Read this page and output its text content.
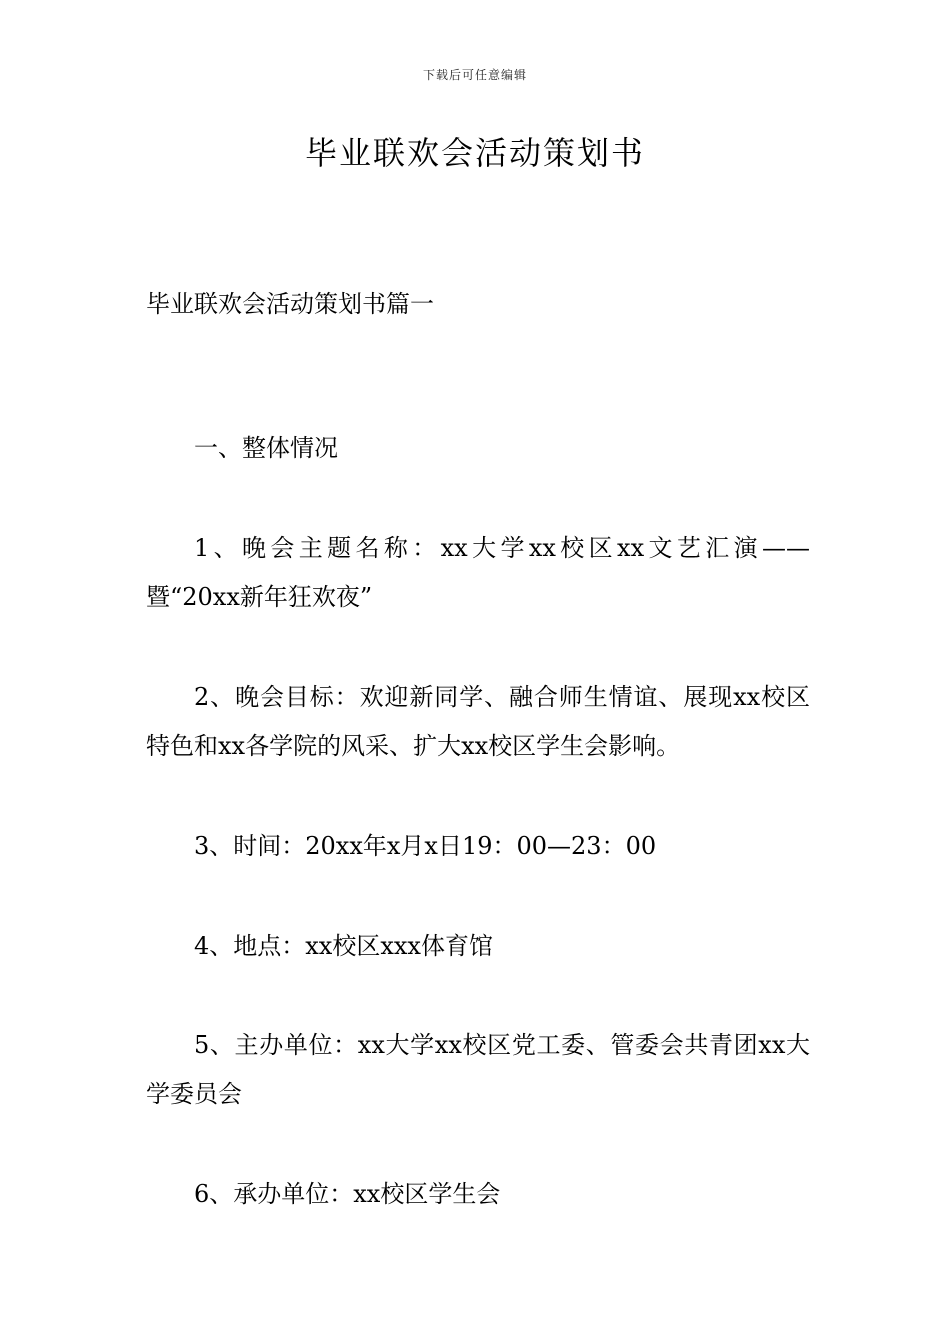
下载后可任意编辑
毕业联欢会活动策划书

毕业联欢会活动策划书篇一

一、整体情况

1、晚会主题名称：xx大学xx校区xx文艺汇演——暨“20xx新年狂欢夜”

2、晚会目标：欢迎新同学、融合师生情谊、展现xx校区特色和xx各学院的风采、扩大xx校区学生会影响。

3、时间：20xx年x月x日19：00—23：00

4、地点：xx校区xxx体育馆

5、主办单位：xx大学xx校区党工委、管委会共青团xx大学委员会

6、承办单位：xx校区学生会
